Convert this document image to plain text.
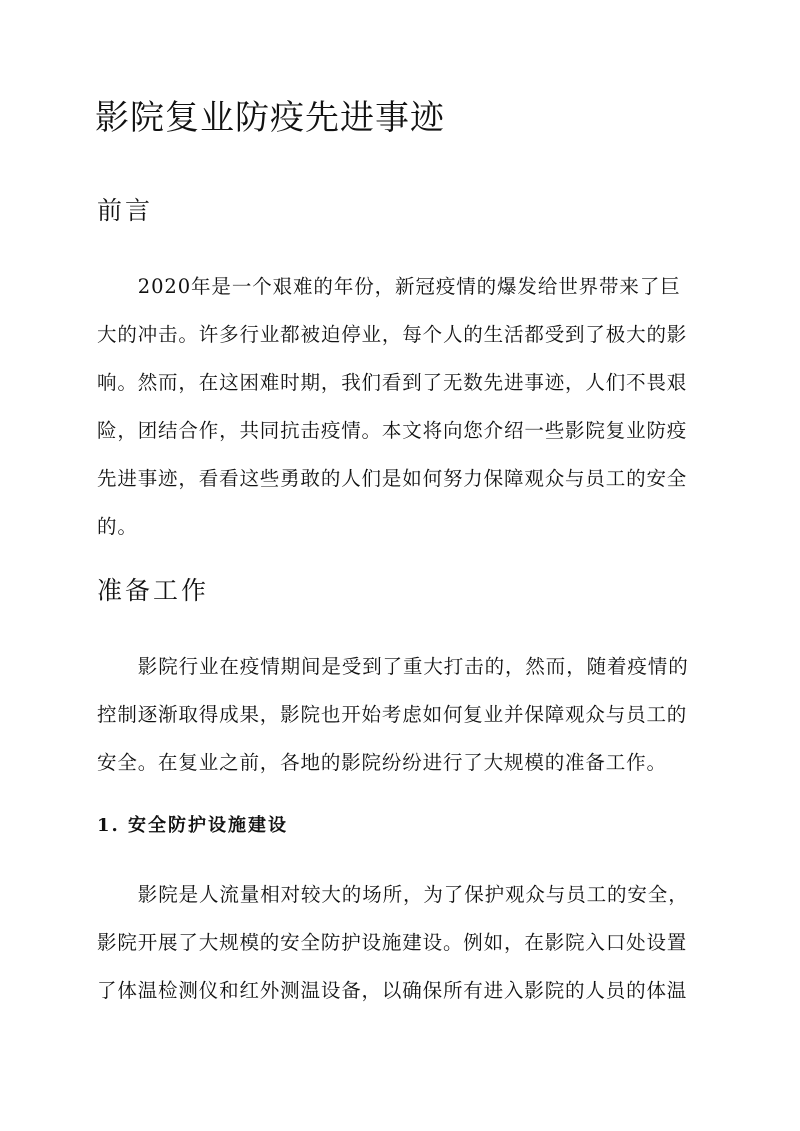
影院复业防疫先进事迹
前言
　　2020年是一个艰难的年份，新冠疫情的爆发给世界带来了巨
大的冲击。许多行业都被迫停业，每个人的生活都受到了极大的影
响。然而，在这困难时期，我们看到了无数先进事迹，人们不畏艰
险，团结合作，共同抗击疫情。本文将向您介绍一些影院复业防疫
先进事迹，看看这些勇敢的人们是如何努力保障观众与员工的安全
的。
准备工作
　　影院行业在疫情期间是受到了重大打击的，然而，随着疫情的
控制逐渐取得成果，影院也开始考虑如何复业并保障观众与员工的
安全。在复业之前，各地的影院纷纷进行了大规模的准备工作。
1. 安全防护设施建设
　　影院是人流量相对较大的场所，为了保护观众与员工的安全，
影院开展了大规模的安全防护设施建设。例如，在影院入口处设置
了体温检测仪和红外测温设备，以确保所有进入影院的人员的体温
